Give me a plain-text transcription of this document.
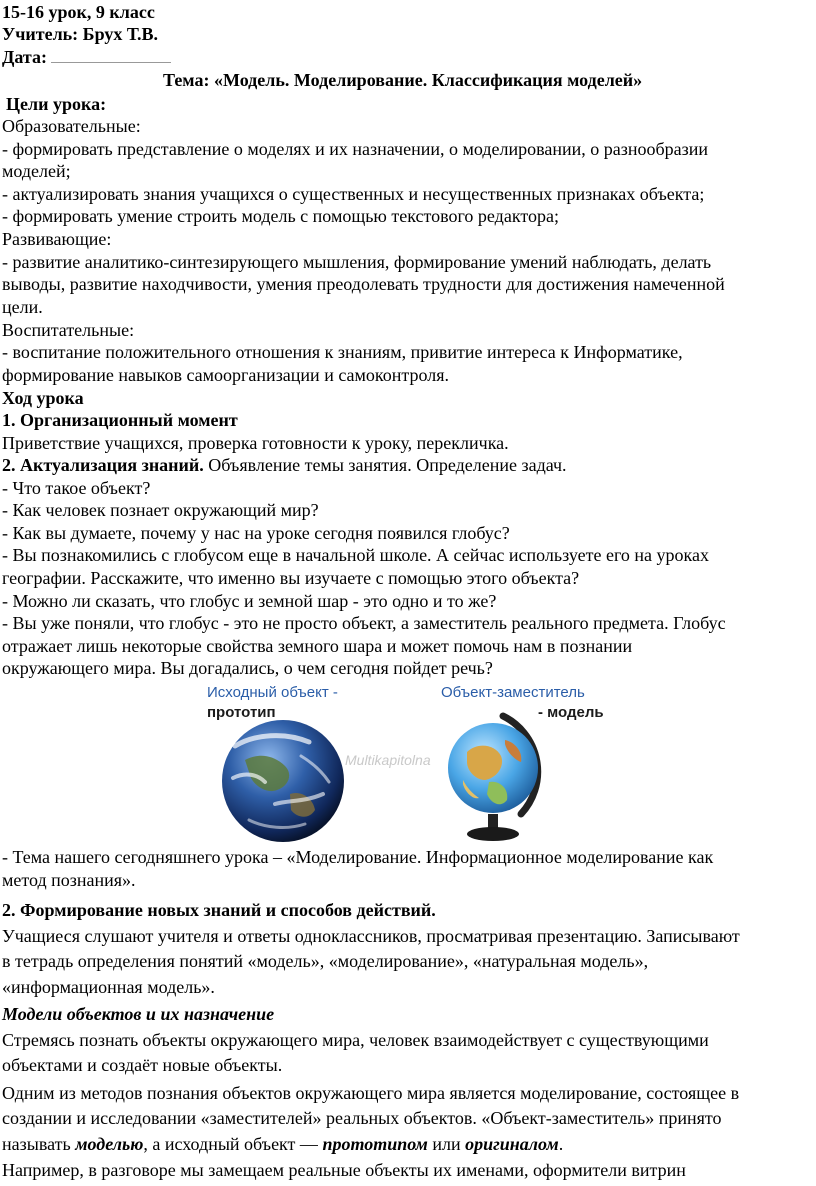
15-16 урок, 9 класс
Учитель: Брух Т.В.
Дата:
Тема: «Модель. Моделирование. Классификация моделей»
Цели урока:
Образовательные:
- формировать представление о моделях и их назначении, о моделировании, о разнообразии
моделей;
- актуализировать знания учащихся о существенных и несущественных признаках объекта;
- формировать умение строить модель с помощью текстового редактора;
Развивающие:
- развитие аналитико-синтезирующего мышления, формирование умений наблюдать, делать
выводы, развитие находчивости, умения преодолевать трудности для достижения намеченной
цели.
Воспитательные:
- воспитание положительного отношения к знаниям, привитие интереса к Информатике,
формирование навыков самоорганизации и самоконтроля.
Ход урока
1. Организационный момент
Приветствие учащихся, проверка готовности к уроку, перекличка.
2. Актуализация знаний. Объявление темы занятия. Определение задач.
- Что такое объект?
- Как человек познает окружающий мир?
- Как вы думаете, почему у нас на уроке сегодня появился глобус?
- Вы познакомились с глобусом еще в начальной школе. А сейчас используете его на уроках
географии. Расскажите, что именно вы изучаете с помощью этого объекта?
- Можно ли сказать, что глобус и земной шар - это одно и то же?
- Вы уже поняли, что глобус - это не просто объект, а заместитель реального предмета. Глобус
отражает лишь некоторые свойства земного шара и может помочь нам в познании
окружающего мира. Вы догадались, о чем сегодня пойдет речь?
Исходный объект -
прототип
Объект-заместитель
- модель
Multikapitolna
- Тема нашего сегодняшнего урока – «Моделирование. Информационное моделирование как
метод познания».
2. Формирование новых знаний и способов действий.
Учащиеся слушают учителя и ответы одноклассников, просматривая презентацию. Записывают
в тетрадь определения понятий «модель», «моделирование», «натуральная модель»,
«информационная модель».
Модели объектов и их назначение
Стремясь познать объекты окружающего мира, человек взаимодействует с существующими
объектами и создаёт новые объекты.
Одним из методов познания объектов окружающего мира является моделирование, состоящее в
создании и исследовании «заместителей» реальных объектов. «Объект-заместитель» принято
называть моделью, а исходный объект — прототипом или оригиналом.
Например, в разговоре мы замещаем реальные объекты их именами, оформители витрин
